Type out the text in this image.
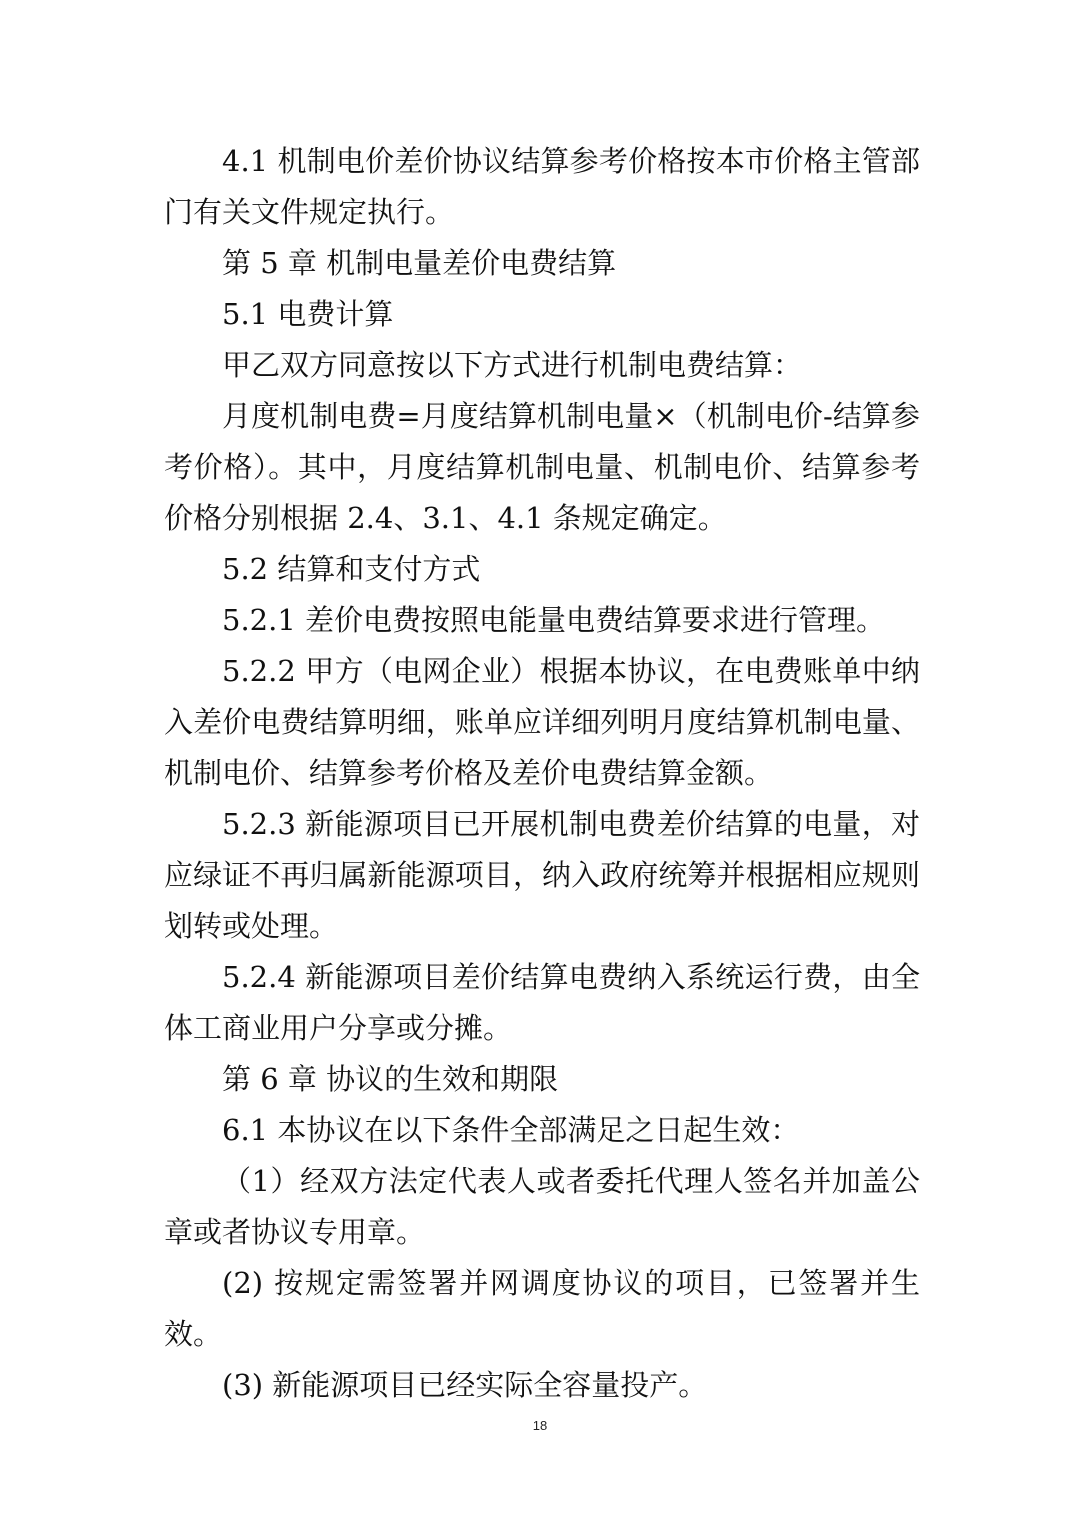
4.1 机制电价差价协议结算参考价格按本市价格主管部门有关文件规定执行。

第 5 章 机制电量差价电费结算

5.1 电费计算

甲乙双方同意按以下方式进行机制电费结算：

月度机制电费=月度结算机制电量×（机制电价-结算参考价格）。其中，月度结算机制电量、机制电价、结算参考价格分别根据 2.4、3.1、4.1 条规定确定。

5.2 结算和支付方式

5.2.1 差价电费按照电能量电费结算要求进行管理。

5.2.2 甲方（电网企业）根据本协议，在电费账单中纳入差价电费结算明细，账单应详细列明月度结算机制电量、机制电价、结算参考价格及差价电费结算金额。

5.2.3 新能源项目已开展机制电费差价结算的电量，对应绿证不再归属新能源项目，纳入政府统筹并根据相应规则划转或处理。

5.2.4 新能源项目差价结算电费纳入系统运行费，由全体工商业用户分享或分摊。

第 6 章 协议的生效和期限

6.1 本协议在以下条件全部满足之日起生效：

（1）经双方法定代表人或者委托代理人签名并加盖公章或者协议专用章。

(2) 按规定需签署并网调度协议的项目，已签署并生效。

(3) 新能源项目已经实际全容量投产。

18
